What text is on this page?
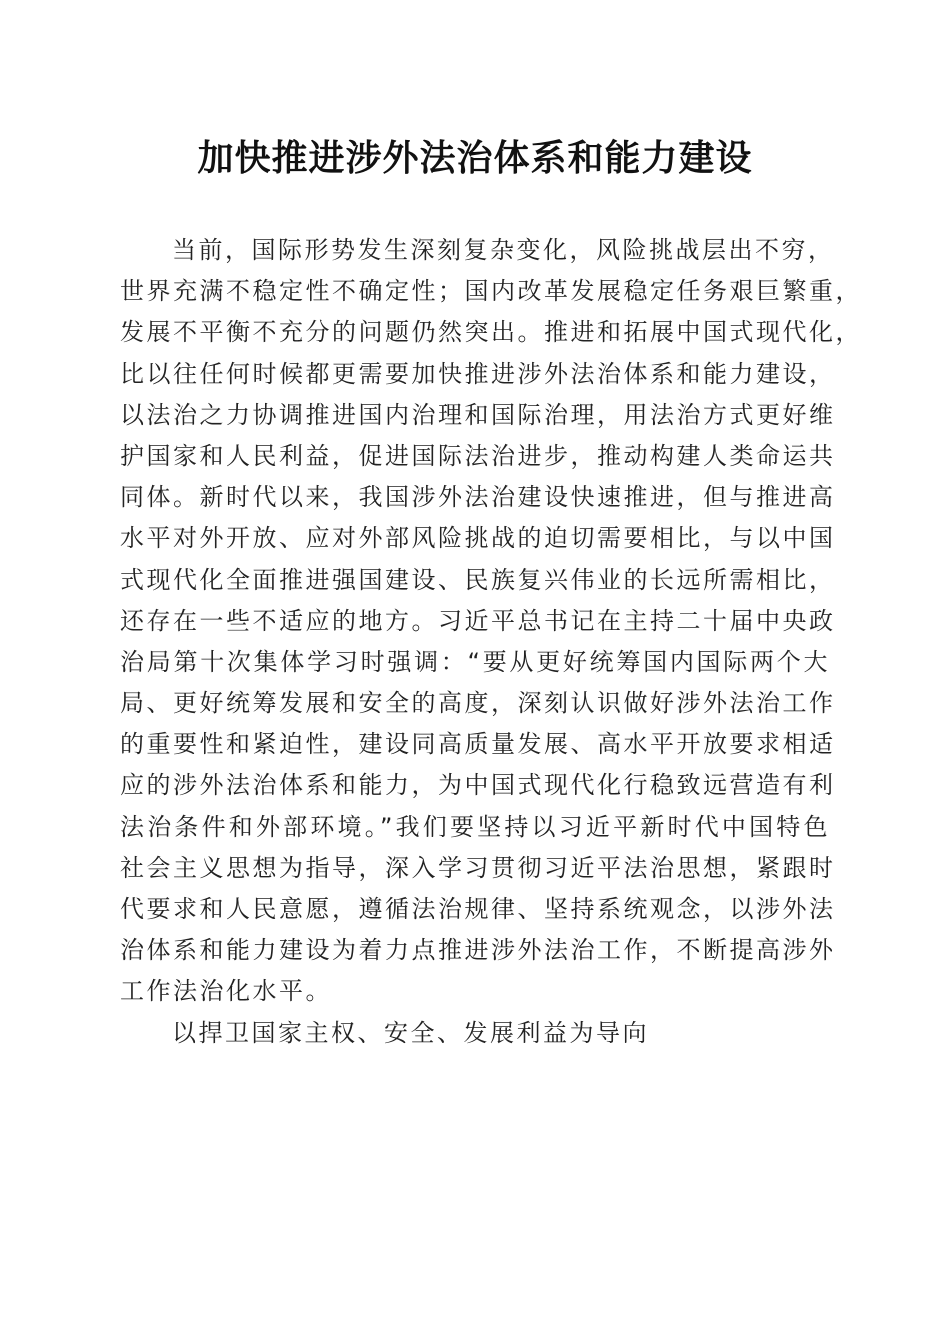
加快推进涉外法治体系和能力建设
当前，国际形势发生深刻复杂变化，风险挑战层出不穷，
世界充满不稳定性不确定性；国内改革发展稳定任务艰巨繁重，
发展不平衡不充分的问题仍然突出。推进和拓展中国式现代化，
比以往任何时候都更需要加快推进涉外法治体系和能力建设，
以法治之力协调推进国内治理和国际治理，用法治方式更好维
护国家和人民利益，促进国际法治进步，推动构建人类命运共
同体。新时代以来，我国涉外法治建设快速推进，但与推进高
水平对外开放、应对外部风险挑战的迫切需要相比，与以中国
式现代化全面推进强国建设、民族复兴伟业的长远所需相比，
还存在一些不适应的地方。习近平总书记在主持二十届中央政
治局第十次集体学习时强调：“要从更好统筹国内国际两个大
局、更好统筹发展和安全的高度，深刻认识做好涉外法治工作
的重要性和紧迫性，建设同高质量发展、高水平开放要求相适
应的涉外法治体系和能力，为中国式现代化行稳致远营造有利
法治条件和外部环境。”我们要坚持以习近平新时代中国特色
社会主义思想为指导，深入学习贯彻习近平法治思想，紧跟时
代要求和人民意愿，遵循法治规律、坚持系统观念，以涉外法
治体系和能力建设为着力点推进涉外法治工作，不断提高涉外
工作法治化水平。
以捍卫国家主权、安全、发展利益为导向
